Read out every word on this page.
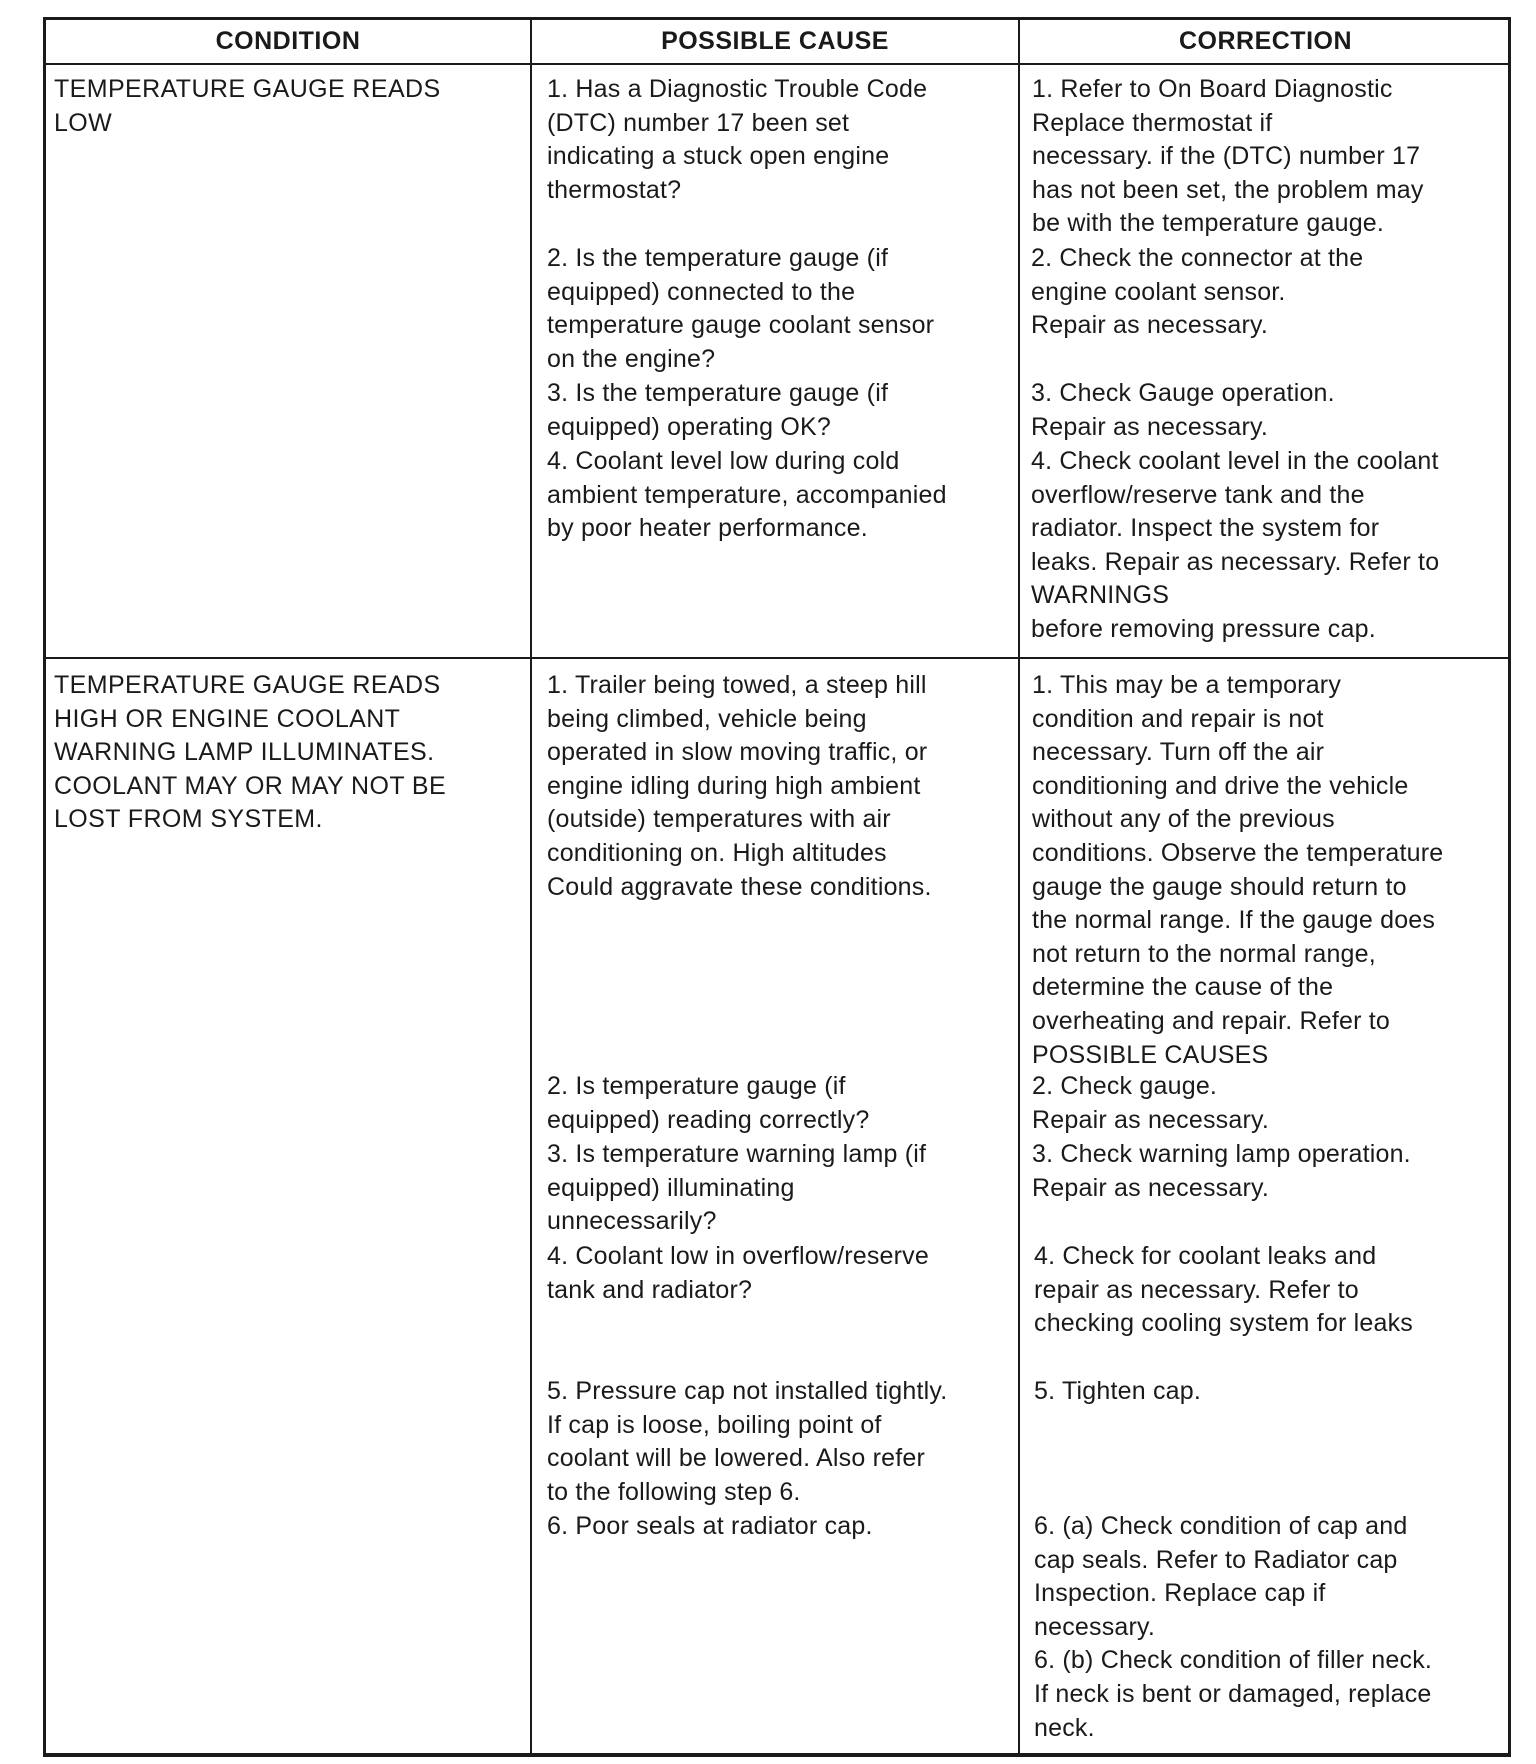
CONDITION	POSSIBLE CAUSE	CORRECTION
TEMPERATURE GAUGE READS
LOW
1. Has a Diagnostic Trouble Code
(DTC) number 17 been set
indicating a stuck open engine
thermostat?
2. Is the temperature gauge (if
equipped) connected to the
temperature gauge coolant sensor
on the engine?
3. Is the temperature gauge (if
equipped) operating OK?
4. Coolant level low during cold
ambient temperature, accompanied
by poor heater performance.
1. Refer to On Board Diagnostic
Replace thermostat if
necessary. if the (DTC) number 17
has not been set, the problem may
be with the temperature gauge.
2. Check the connector at the
engine coolant sensor.
Repair as necessary.
3. Check Gauge operation.
Repair as necessary.
4. Check coolant level in the coolant
overflow/reserve tank and the
radiator. Inspect the system for
leaks. Repair as necessary. Refer to
WARNINGS
before removing pressure cap.
TEMPERATURE GAUGE READS
HIGH OR ENGINE COOLANT
WARNING LAMP ILLUMINATES.
COOLANT MAY OR MAY NOT BE
LOST FROM SYSTEM.
1. Trailer being towed, a steep hill
being climbed, vehicle being
operated in slow moving traffic, or
engine idling during high ambient
(outside) temperatures with air
conditioning on. High altitudes
Could aggravate these conditions.
2. Is temperature gauge (if
equipped) reading correctly?
3. Is temperature warning lamp (if
equipped) illuminating
unnecessarily?
4. Coolant low in overflow/reserve
tank and radiator?
5. Pressure cap not installed tightly.
If cap is loose, boiling point of
coolant will be lowered. Also refer
to the following step 6.
6. Poor seals at radiator cap.
1. This may be a temporary
condition and repair is not
necessary. Turn off the air
conditioning and drive the vehicle
without any of the previous
conditions. Observe the temperature
gauge the gauge should return to
the normal range. If the gauge does
not return to the normal range,
determine the cause of the
overheating and repair. Refer to
POSSIBLE CAUSES
2. Check gauge.
Repair as necessary.
3. Check warning lamp operation.
Repair as necessary.
4. Check for coolant leaks and
repair as necessary. Refer to
checking cooling system for leaks
5. Tighten cap.
6. (a) Check condition of cap and
cap seals. Refer to Radiator cap
Inspection. Replace cap if
necessary.
6. (b) Check condition of filler neck.
If neck is bent or damaged, replace
neck.
